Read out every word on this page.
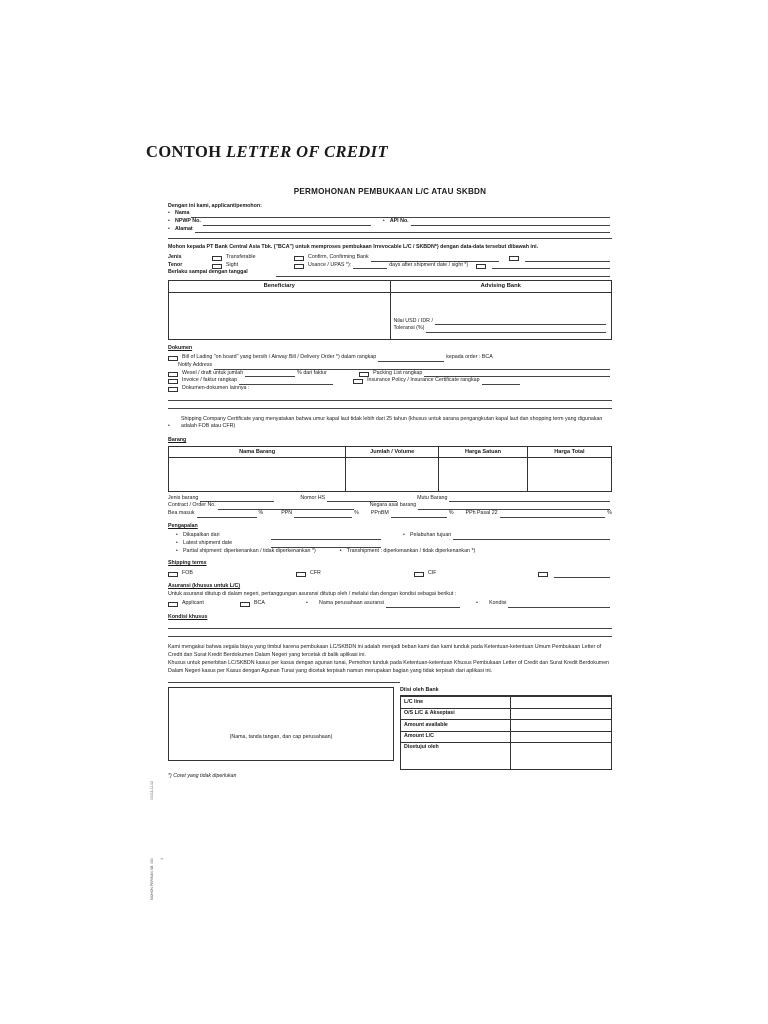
CONTOH LETTER OF CREDIT
00013-11-02
MOHON PERIKAN SB. 080 4
PERMOHONAN PEMBUKAAN L/C ATAU SKBDN
Dengan ini kami, applicant/pemohon:
•
Nama
•
NPWP No. •	API No.
•
Alamat
Mohon kepada PT Bank Central Asia Tbk. ("BCA") untuk memproses pembukaan Irrevocable L/C / SKBDN*) dengan data-data tersebut dibawah ini.
Jenis	Transferable	Confirm, Confirming Bank
Tenor	Sight	Usance / UPAS *):	days after shipment date / sight *)
Berlaku sampai dengan tanggal
Beneficiary	Advising Bank

	Nilai USD / IDR /
Toleransi (%)
Dokumen
Bill of Lading "on board" yang bersih / Airway Bill / Delivery Order *) dalam rangkap	kepada order : BCA
Notify Address
Wesel / draft untuk jumlah	% dari faktur	Packing List rangkap
Invoice / faktur rangkap	Insurance Policy / Insurance Certificate rangkap
Dokumen-dokumen lainnya :
•
Shipping Company Certificate yang menyatakan bahwa umur kapal laut tidak lebih dari 25 tahun (khusus untuk sarana pengangkutan kapal laut dan shopping term yang digunakan adalah FOB atau CFR)
Barang
Nama Barang	Jumlah / Volume	Harga Satuan	Harga Total

Jenis barang	Nomor HS	Mutu Barang
Contract / Order No.	Negara asal barang
Bea masuk	%	PPN	% PPnBM	% PPh Pasal 22	%
Pengapalan
•
Dikapalkan dari •	Pelabuhan tujuan
•
Latest shipment date
•
Partial shipment: diperkenankan / tidak diperkenankan *) •	Transhipment : diperkenankan / tidak diperkenankan *)
Shipping terms
FOB	CFR	CIF
Asuransi (khusus untuk L/C)
Untuk asuransi ditutup di dalam negeri, pertanggungan asuransi ditutup oleh / melalui dan dengan kondisi sebagai berikut :
Applicant	BCA •	Nama perusahaan asuransi •	Kondisi
Kondisi khusus
Kami mengakui bahwa segala biaya yang timbul karena pembukaan LC/SKBDN ini adalah menjadi beban kami dan kami tunduk pada Ketentuan-ketentuan Umum Pembukaan Letter of Credit dan Surat Kredit Berdokumen Dalam Negeri yang tercetak di balik aplikasi ini.
Khusus untuk penerbitan LC/SKBDN kasus per kasus dengan agunan tunai, Pemohon tunduk pada Ketentuan-ketentuan Khusus Pembukaan Letter of Credit dan Surat Kredit Berdokumen Dalam Negeri kasus per Kasus dengan Agunan Tunai yang dicetak terpisah namun merupakan bagian yang tidak terpisah dari aplikasi ini.
(Nama, tanda tangan, dan cap perusahaan)
Diisi oleh Bank
L/C line	
O/S L/C & Akseptasi	
Amount available	
Amount L/C	
Disetujui oleh	
*) Coret yang tidak diperlukan
